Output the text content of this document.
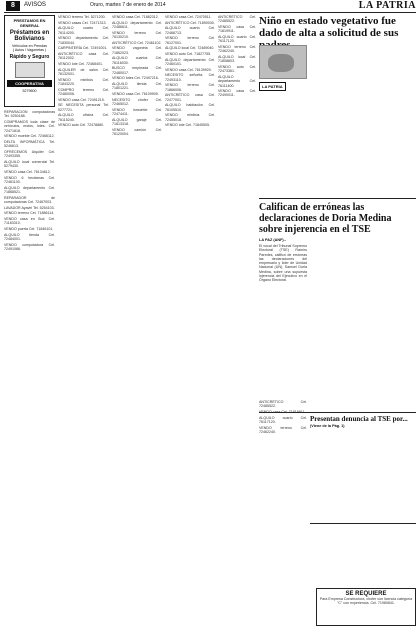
8	AVISOS	Oruro, martes 7 de enero de 2014	LA PATRIA
PRESTAMOS EN GENERAL
Préstamos en Bolivianos
Vehículos en Prendas
( Autos / Vagonetas )
Rápido y Seguro
COOPERATIVA
5279600

REPARACIÓN computadoras Tel. 5250188.

COMPRAMOS toda clase de vehículos, motos, lotes. Cel. 72471818.

VENDO mueble Cel. 72466112.

DELTA INFORMÁTICA Tel. 5246613.

OFRECEMOS Alquiler Cel. 72493355.

ALQUILO local comercial Tel. 5279430.

VENDO casa Cel. 76134612.

VENDO 6 hectáreas Cel. 72481100.

ALQUILO departamento Cel. 71868521.

REPARADOR de computadoras Cel. 72467003.

LAVADOR Ayaviri Tel. 5254103.

VENDO terreno Cel. 71886114.

VENDO casa en Sud. Cel. 71183310.

VENDO puerta Cel. 71846101.

ALQUILO tienda Cel. 72484001.

VENDO computadora Cel. 72491066.

VENDO terreno Tel. 5271200.

VENDO casas Cel. 72471313.

ALQUILO cuarto Cel. 76114200.

VENDO departamento Cel. 71830044.

CARPINTERÍA Cel. 72491001.

ANTICRÉTICO casa Cel. 76112002.

VENDO lote Cel. 72468401.

ALQUILER de salón Cel. 76132001.

VENDO minibús Cel. 71843220.

COMPRO terreno Cel. 72480006.

VENDO casa Cel. 72491215.

SE NECESITA personal Tel. 5277721.

ALQUILO oficina Cel. 76115240.

VENDO auto Cel. 72478880.

VENDO casa Cel. 71882312.

ALQUILO departamento Cel. 72486611.

VENDO terreno Cel. 76130210.

ANTICRÉTICO Cel. 72461102.

VENDO vagoneta Cel. 71862023.

ALQUILO cuartos Cel. 76116030.

BUSCO empleada Cel. 72480017.

VENDO lotes Cel. 72497216.

ALQUILO tienda Cel. 71801221.

VENDO casa Cel. 76109909.

NECESITO chofer Cel. 72465012.

VENDO inmueble Cel. 72474411.

ALQUILO garaje Cel. 71813318.

VENDO camión Cel. 76120004.

VENDO casa Cel. 72470511.

ANTICRÉTICO Cel. 71890030.

ALQUILO cuarto Cel. 72466713.

VENDO terreno Cel. 76127001.

ALQUILO local Cel. 72489040.

VENDO auto Cel. 71827755.

ALQUILO departamento Cel. 72460101.

VENDO casa Cel. 76139920.

NECESITO señorita Cel. 72493110.

VENDO terreno Cel. 71866006.

ANTICRÉTICO casa Cel. 72477001.

ALQUILO habitación Cel. 76105510.

VENDO minibús Cel. 72455018.

VENDO lote Cel. 71845505.

ANTICRÉTICO Cel. 72485522.

VENDO casa Cel. 71819911.

ALQUILO cuarto Cel. 76117120.

VENDO terreno Cel. 72462240.

ALQUILO local Cel. 71808803.

VENDO auto Cel. 72473361.

ALQUILO departamento Cel. 76111400.

VENDO casa Cel. 72490011.

Niño en estado vegetativo fue dado de alta a solicitud de sus
LA PATRIA
Califican de erróneas las declaraciones de Doria Medina sobre injerencia en el TSE
LA PAZ (ANF).-
El vocal del Tribunal Supremo Electoral (TSE) Ramiro Paredes, calificó de erróneas las declaraciones del empresario y líder de Unidad Nacional (UN), Samuel Doria Medina, sobre una supuesta injerencia del Ejecutivo en el Órgano Electoral.
Presentan denuncia al TSE por...
(Viene de la Pág. 1)

ANTICRÉTICO Cel. 72485522.

VENDO casa Cel. 71819911.

ALQUILO cuarto Cel. 76117120.

VENDO terreno Cel. 72462240.

SE REQUIERE
Para Empresa Constructora, chofer con licencia categoría "C" con experiencia. Cel. 71980841.
